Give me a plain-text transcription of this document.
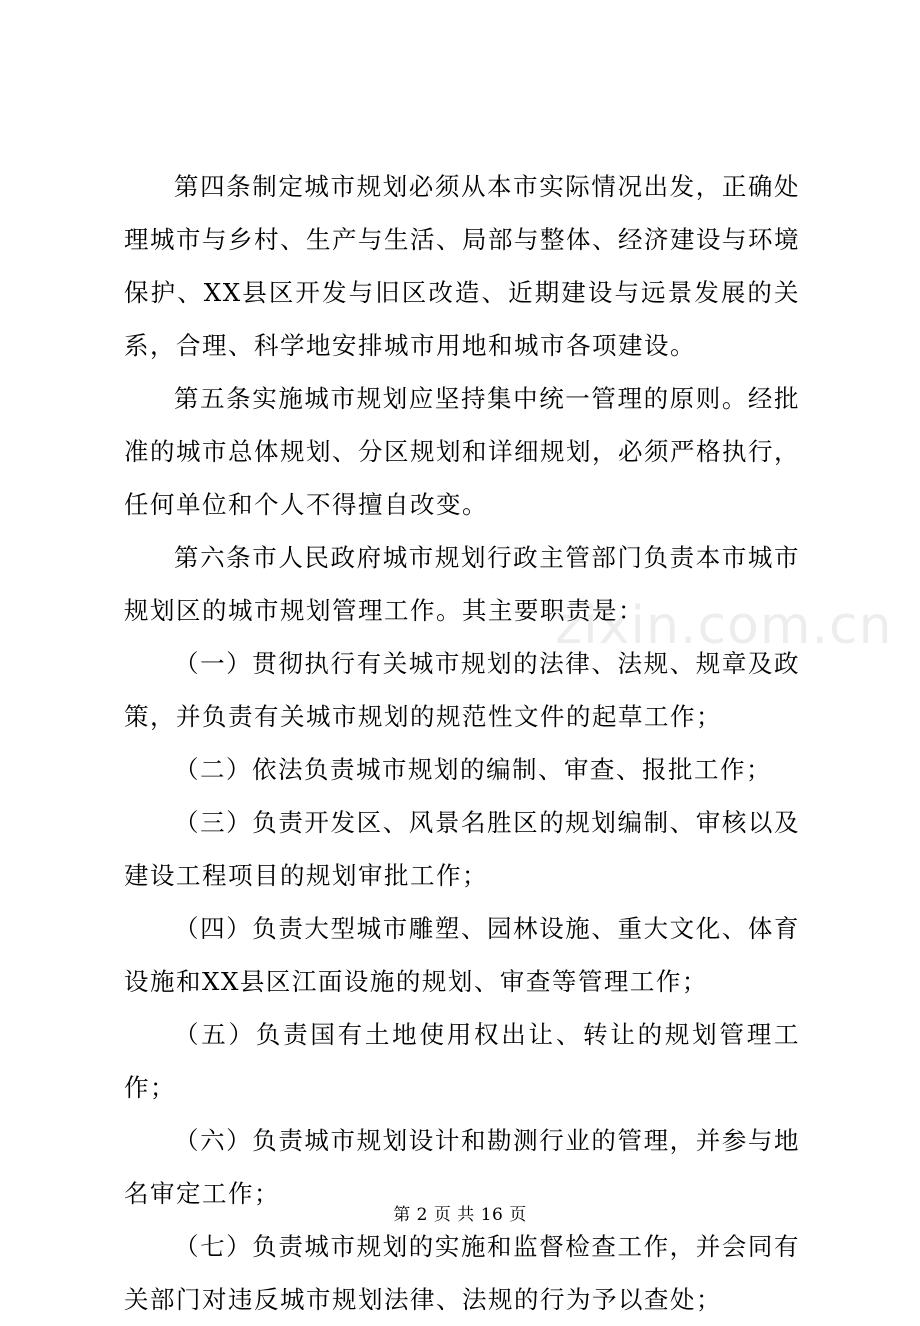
第四条制定城市规划必须从本市实际情况出发，正确处理城市与乡村、生产与生活、局部与整体、经济建设与环境保护、XX县区开发与旧区改造、近期建设与远景发展的关系，合理、科学地安排城市用地和城市各项建设。

第五条实施城市规划应坚持集中统一管理的原则。经批准的城市总体规划、分区规划和详细规划，必须严格执行，任何单位和个人不得擅自改变。

第六条市人民政府城市规划行政主管部门负责本市城市规划区的城市规划管理工作。其主要职责是：

（一）贯彻执行有关城市规划的法律、法规、规章及政策，并负责有关城市规划的规范性文件的起草工作；

（二）依法负责城市规划的编制、审查、报批工作；

（三）负责开发区、风景名胜区的规划编制、审核以及建设工程项目的规划审批工作；

（四）负责大型城市雕塑、园林设施、重大文化、体育设施和XX县区江面设施的规划、审查等管理工作；

（五）负责国有土地使用权出让、转让的规划管理工作；

（六）负责城市规划设计和勘测行业的管理，并参与地名审定工作；

（七）负责城市规划的实施和监督检查工作，并会同有关部门对违反城市规划法律、法规的行为予以查处；

zixin.com.cn
第 2 页 共 16 页
